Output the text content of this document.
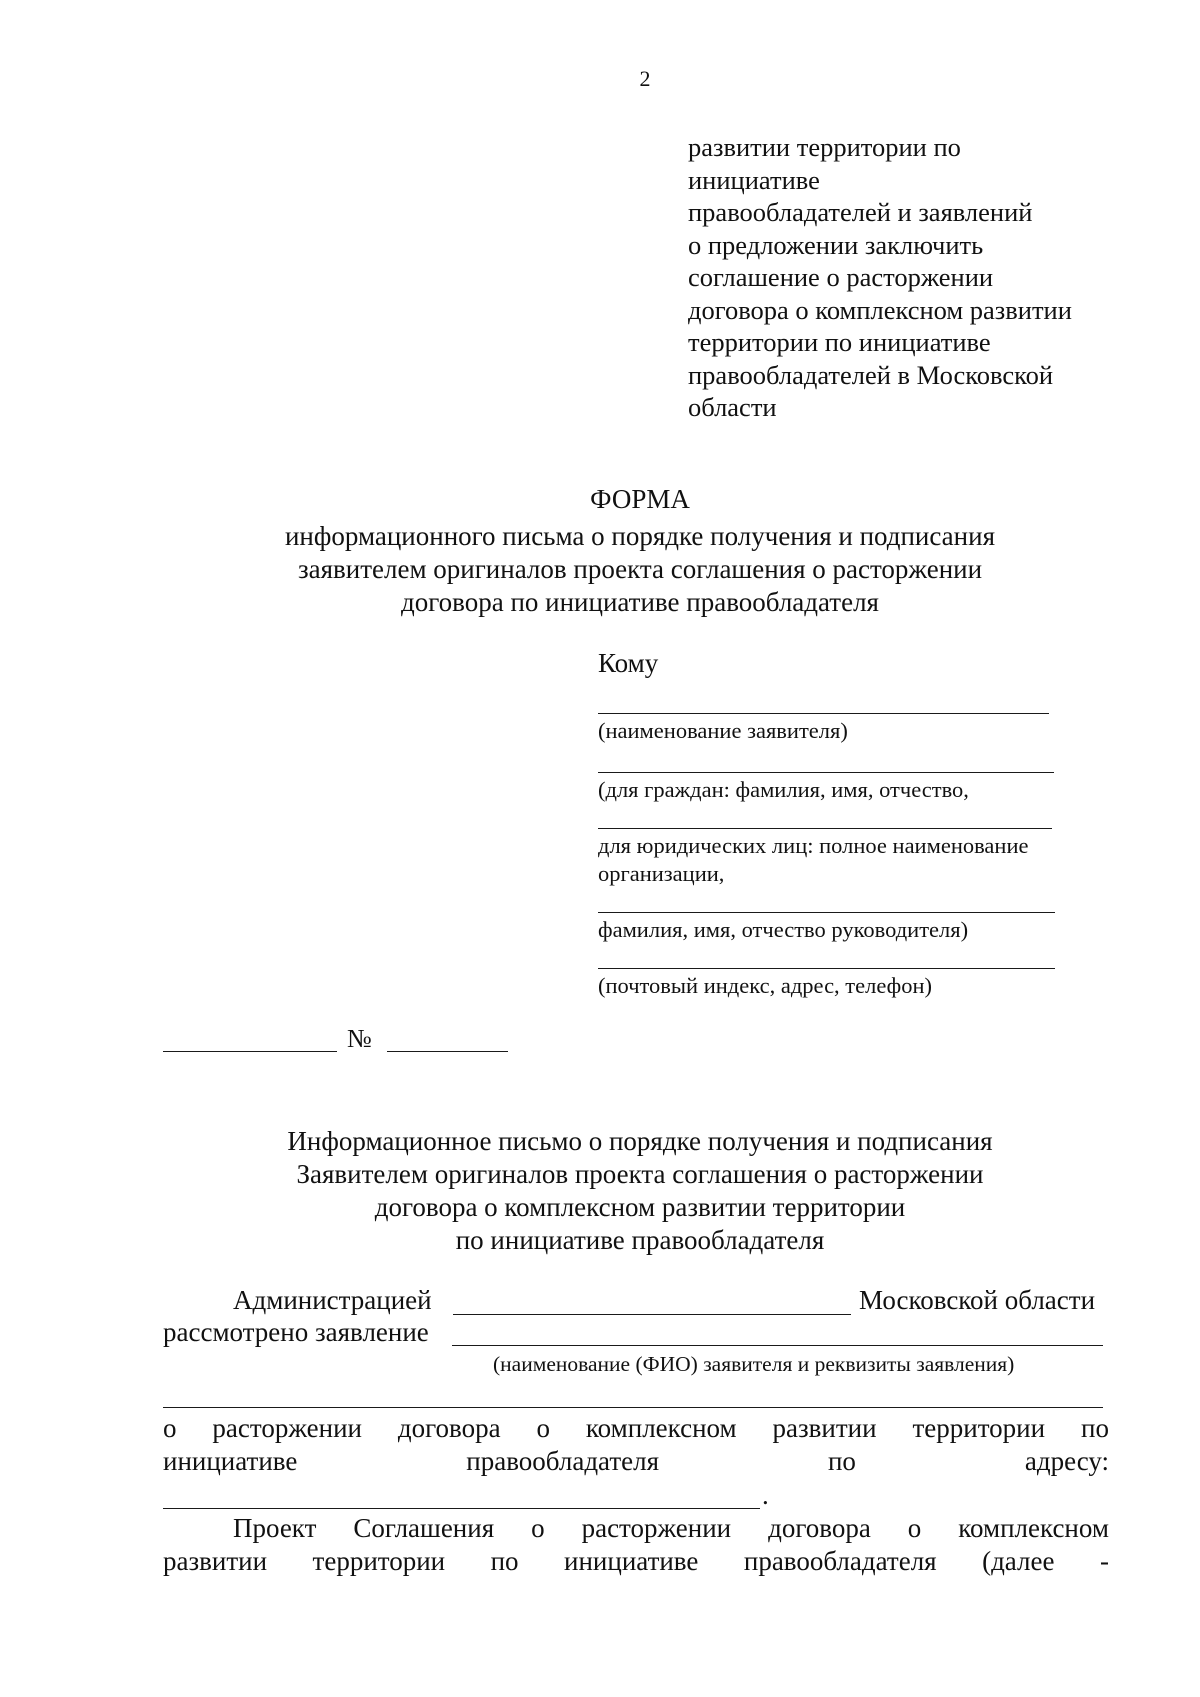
2
развитии территории по
инициативе
правообладателей и заявлений
о предложении заключить
соглашение о расторжении
договора о комплексном развитии
территории по инициативе
правообладателей в Московской
области
ФОРМА
информационного письма о порядке получения и подписания
заявителем оригиналов проекта соглашения о расторжении
договора по инициативе правообладателя
Кому
(наименование заявителя)
(для граждан: фамилия, имя, отчество,
для юридических лиц: полное наименование
организации,
фамилия, имя, отчество руководителя)
(почтовый индекс, адрес, телефон)
№
Информационное письмо о порядке получения и подписания
Заявителем оригиналов проекта соглашения о расторжении
договора о комплексном развитии территории
по инициативе правообладателя
Администрацией	Московской области
рассмотрено заявление
(наименование (ФИО) заявителя и реквизиты заявления)
о расторжении договора о комплексном развитии территории по
инициативе	правообладателя	по	адресу:
.
Проект Соглашения о расторжении договора о комплексном
развитии территории по инициативе правообладателя (далее -
